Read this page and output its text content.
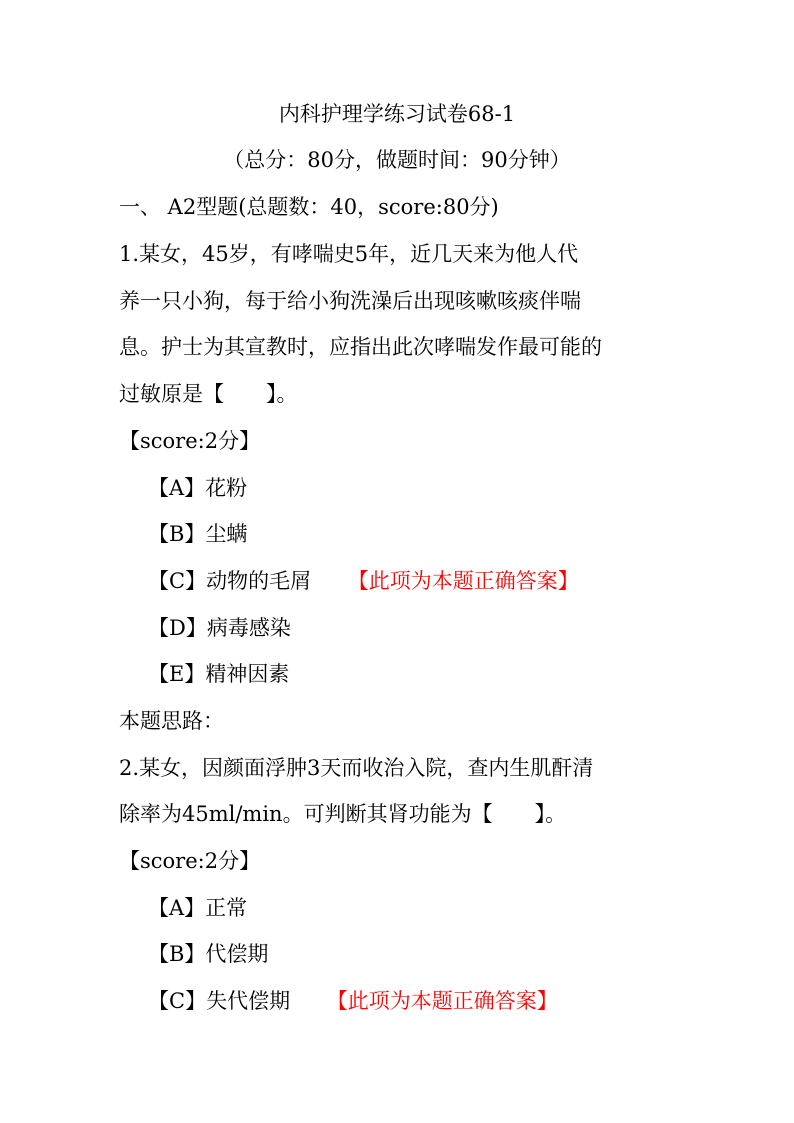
内科护理学练习试卷68-1
（总分：80分，做题时间：90分钟）
一、 A2型题(总题数：40，score:80分)
1.某女，45岁，有哮喘史5年，近几天来为他人代
养一只小狗，每于给小狗洗澡后出现咳嗽咳痰伴喘
息。护士为其宣教时，应指出此次哮喘发作最可能的
过敏原是【　　】。
【score:2分】
【A】花粉
【B】尘螨
【C】动物的毛屑 【此项为本题正确答案】
【D】病毒感染
【E】精神因素
本题思路：
2.某女，因颜面浮肿3天而收治入院，查内生肌酐清
除率为45ml/min。可判断其肾功能为【　　】。
【score:2分】
【A】正常
【B】代偿期
【C】失代偿期 【此项为本题正确答案】
